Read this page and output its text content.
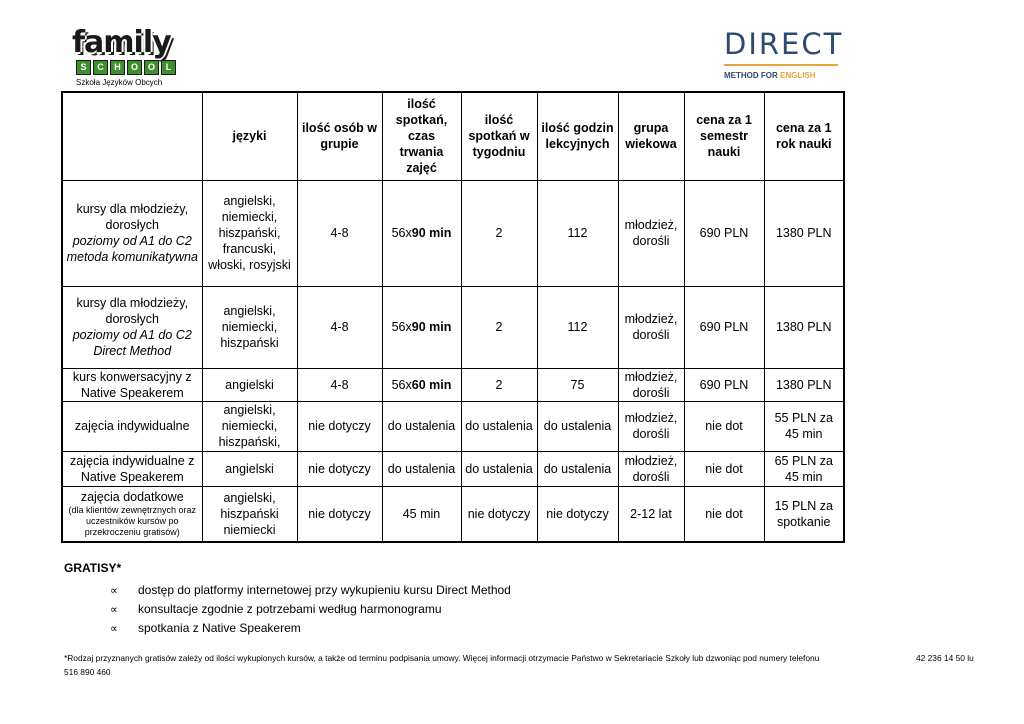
family
S	C	H	O	O	L
Szkoła Języków Obcych
DIRECT
METHOD FOR ENGLISH
	języki	ilość osób w grupie	ilość spotkań, czas trwania zajęć	ilość spotkań w tygodniu	ilość godzin lekcyjnych	grupa wiekowa	cena za 1 semestr nauki	cena za 1 rok nauki
kursy dla młodzieży, dorosłych
poziomy od A1 do C2 metoda komunikatywna	angielski, niemiecki, hiszpański, francuski, włoski, rosyjski	4-8	56x90 min	2	112	młodzież, dorośli	690 PLN	1380 PLN
kursy dla młodzieży, dorosłych
poziomy od A1 do C2 Direct Method	angielski, niemiecki, hiszpański	4-8	56x90 min	2	112	młodzież, dorośli	690 PLN	1380 PLN
kurs konwersacyjny z Native Speakerem	angielski	4-8	56x60 min	2	75	młodzież, dorośli	690 PLN	1380 PLN
zajęcia indywidualne	angielski, niemiecki, hiszpański,	nie dotyczy	do ustalenia	do ustalenia	do ustalenia	młodzież, dorośli	nie dot	55 PLN za 45 min
zajęcia indywidualne z Native Speakerem	angielski	nie dotyczy	do ustalenia	do ustalenia	do ustalenia	młodzież, dorośli	nie dot	65 PLN za 45 min
zajęcia dodatkowe
(dla klientów zewnętrznych oraz uczestników kursów po przekroczeniu gratisów)	angielski, hiszpański niemiecki	nie dotyczy	45 min	nie dotyczy	nie dotyczy	2-12 lat	nie dot	15 PLN za spotkanie
GRATISY*
∝ dostęp do platformy internetowej przy wykupieniu kursu Direct Method
∝ konsultacje zgodnie z potrzebami według harmonogramu
∝ spotkania z Native Speakerem
*Rodzaj przyznanych gratisów zależy od ilości wykupionych kursów, a także od terminu podpisania umowy. Więcej informacji otrzymacie Państwo w Sekretariacie Szkoły lub dzwoniąc pod numery telefonu	42 236 14 50 lu

516 890 460
